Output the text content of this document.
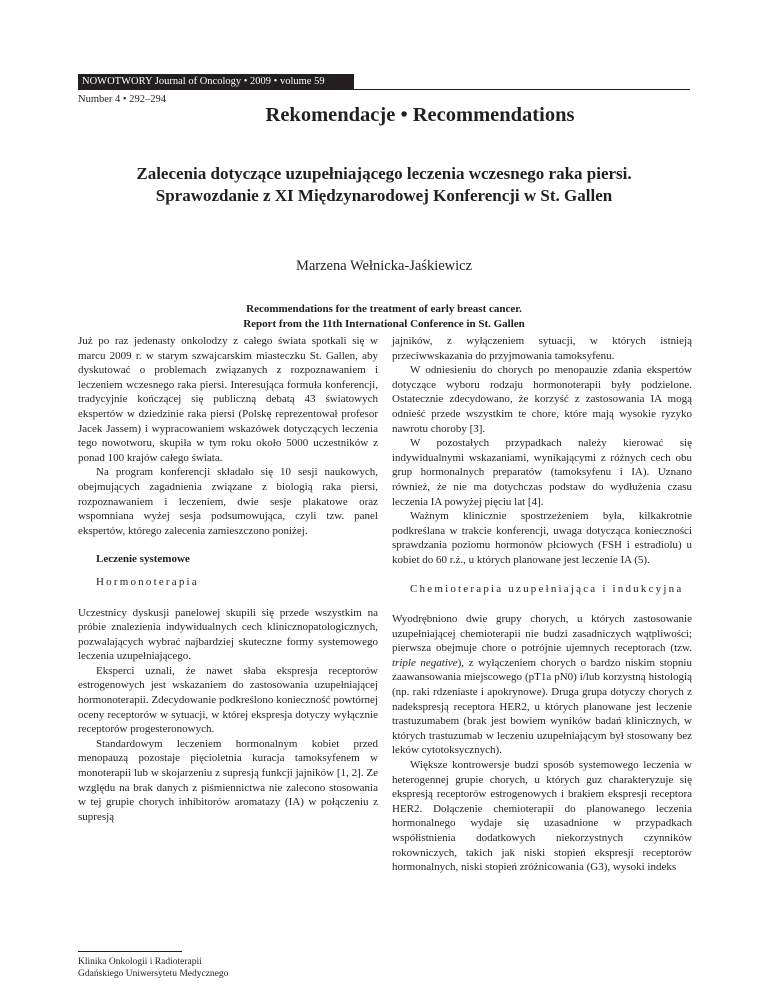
NOWOTWORY Journal of Oncology • 2009 • volume 59
Number 4 • 292–294
Rekomendacje • Recommendations
Zalecenia dotyczące uzupełniającego leczenia wczesnego raka piersi.
Sprawozdanie z XI Międzynarodowej Konferencji w St. Gallen
Marzena Wełnicka-Jaśkiewicz
Recommendations for the treatment of early breast cancer.
Report from the 11th International Conference in St. Gallen

Już po raz jedenasty onkolodzy z całego świata spotkali się w marcu 2009 r. w starym szwajcarskim miasteczku St. Gallen, aby dyskutować o problemach związanych z rozpoznawaniem i leczeniem wczesnego raka piersi. Interesująca formuła konferencji, tradycyjnie kończącej się publiczną debatą 43 światowych ekspertów w dziedzinie raka piersi (Polskę reprezentował profesor Jacek Jassem) i wypracowaniem wskazówek dotyczących leczenia tego nowotworu, skupiła w tym roku około 5000 uczestników z ponad 100 krajów całego świata.

Na program konferencji składało się 10 sesji naukowych, obejmujących zagadnienia związane z biologią raka piersi, rozpoznawaniem i leczeniem, dwie sesje plakatowe oraz wspomniana wyżej sesja podsumowująca, czyli tzw. panel ekspertów, którego zalecenia zamieszczono poniżej.

Leczenie systemowe

Hormonoterapia

Uczestnicy dyskusji panelowej skupili się przede wszystkim na próbie znalezienia indywidualnych cech klinicznopatologicznych, pozwalających wybrać najbardziej skuteczne formy systemowego leczenia uzupełniającego.

Eksperci uznali, że nawet słaba ekspresja receptorów estrogenowych jest wskazaniem do zastosowania uzupełniającej hormonoterapii. Zdecydowanie podkreślono konieczność powtórnej oceny receptorów w sytuacji, w której ekspresja dotyczy wyłącznie receptorów progesteronowych.

Standardowym leczeniem hormonalnym kobiet przed menopauzą pozostaje pięcioletnia kuracja tamoksyfenem w monoterapii lub w skojarzeniu z supresją funkcji jajników [1, 2]. Ze względu na brak danych z piśmiennictwa nie zalecono stosowania w tej grupie chorych inhibitorów aromatazy (IA) w połączeniu z supresją

jajników, z wyłączeniem sytuacji, w których istnieją przeciwwskazania do przyjmowania tamoksyfenu.

W odniesieniu do chorych po menopauzie zdania ekspertów dotyczące wyboru rodzaju hormonoterapii były podzielone. Ostatecznie zdecydowano, że korzyść z zastosowania IA mogą odnieść przede wszystkim te chore, które mają wysokie ryzyko nawrotu choroby [3].

W pozostałych przypadkach należy kierować się indywidualnymi wskazaniami, wynikającymi z różnych cech obu grup hormonalnych preparatów (tamoksyfenu i IA). Uznano również, że nie ma dotychczas podstaw do wydłużenia czasu leczenia IA powyżej pięciu lat [4].

Ważnym klinicznie spostrzeżeniem była, kilkakrotnie podkreślana w trakcie konferencji, uwaga dotycząca konieczności sprawdzania poziomu hormonów płciowych (FSH i estradiolu) u kobiet do 60 r.ż., u których planowane jest leczenie IA (5).

Chemioterapia uzupełniająca i indukcyjna

Wyodrębniono dwie grupy chorych, u których zastosowanie uzupełniającej chemioterapii nie budzi zasadniczych wątpliwości; pierwsza obejmuje chore o potrójnie ujemnych receptorach (tzw. triple negative), z wyłączeniem chorych o bardzo niskim stopniu zaawansowania miejscowego (pT1a pN0) i/lub korzystną histologią (np. raki rdzeniaste i apokrynowe). Druga grupa dotyczy chorych z nadekspresją receptora HER2, u których planowane jest leczenie trastuzumabem (brak jest bowiem wyników badań klinicznych, w których trastuzumab w leczeniu uzupełniającym był stosowany bez leków cytotoksycznych).

Większe kontrowersje budzi sposób systemowego leczenia w heterogennej grupie chorych, u których guz charakteryzuje się ekspresją receptorów estrogenowych i brakiem ekspresji receptora HER2. Dołączenie chemioterapii do planowanego leczenia hormonalnego wydaje się uzasadnione w przypadkach współistnienia dodatkowych niekorzystnych czynników rokowniczych, takich jak niski stopień ekspresji receptorów hormonalnych, niski stopień zróżnicowania (G3), wysoki indeks

Klinika Onkologii i Radioterapii
Gdańskiego Uniwersytetu Medycznego
